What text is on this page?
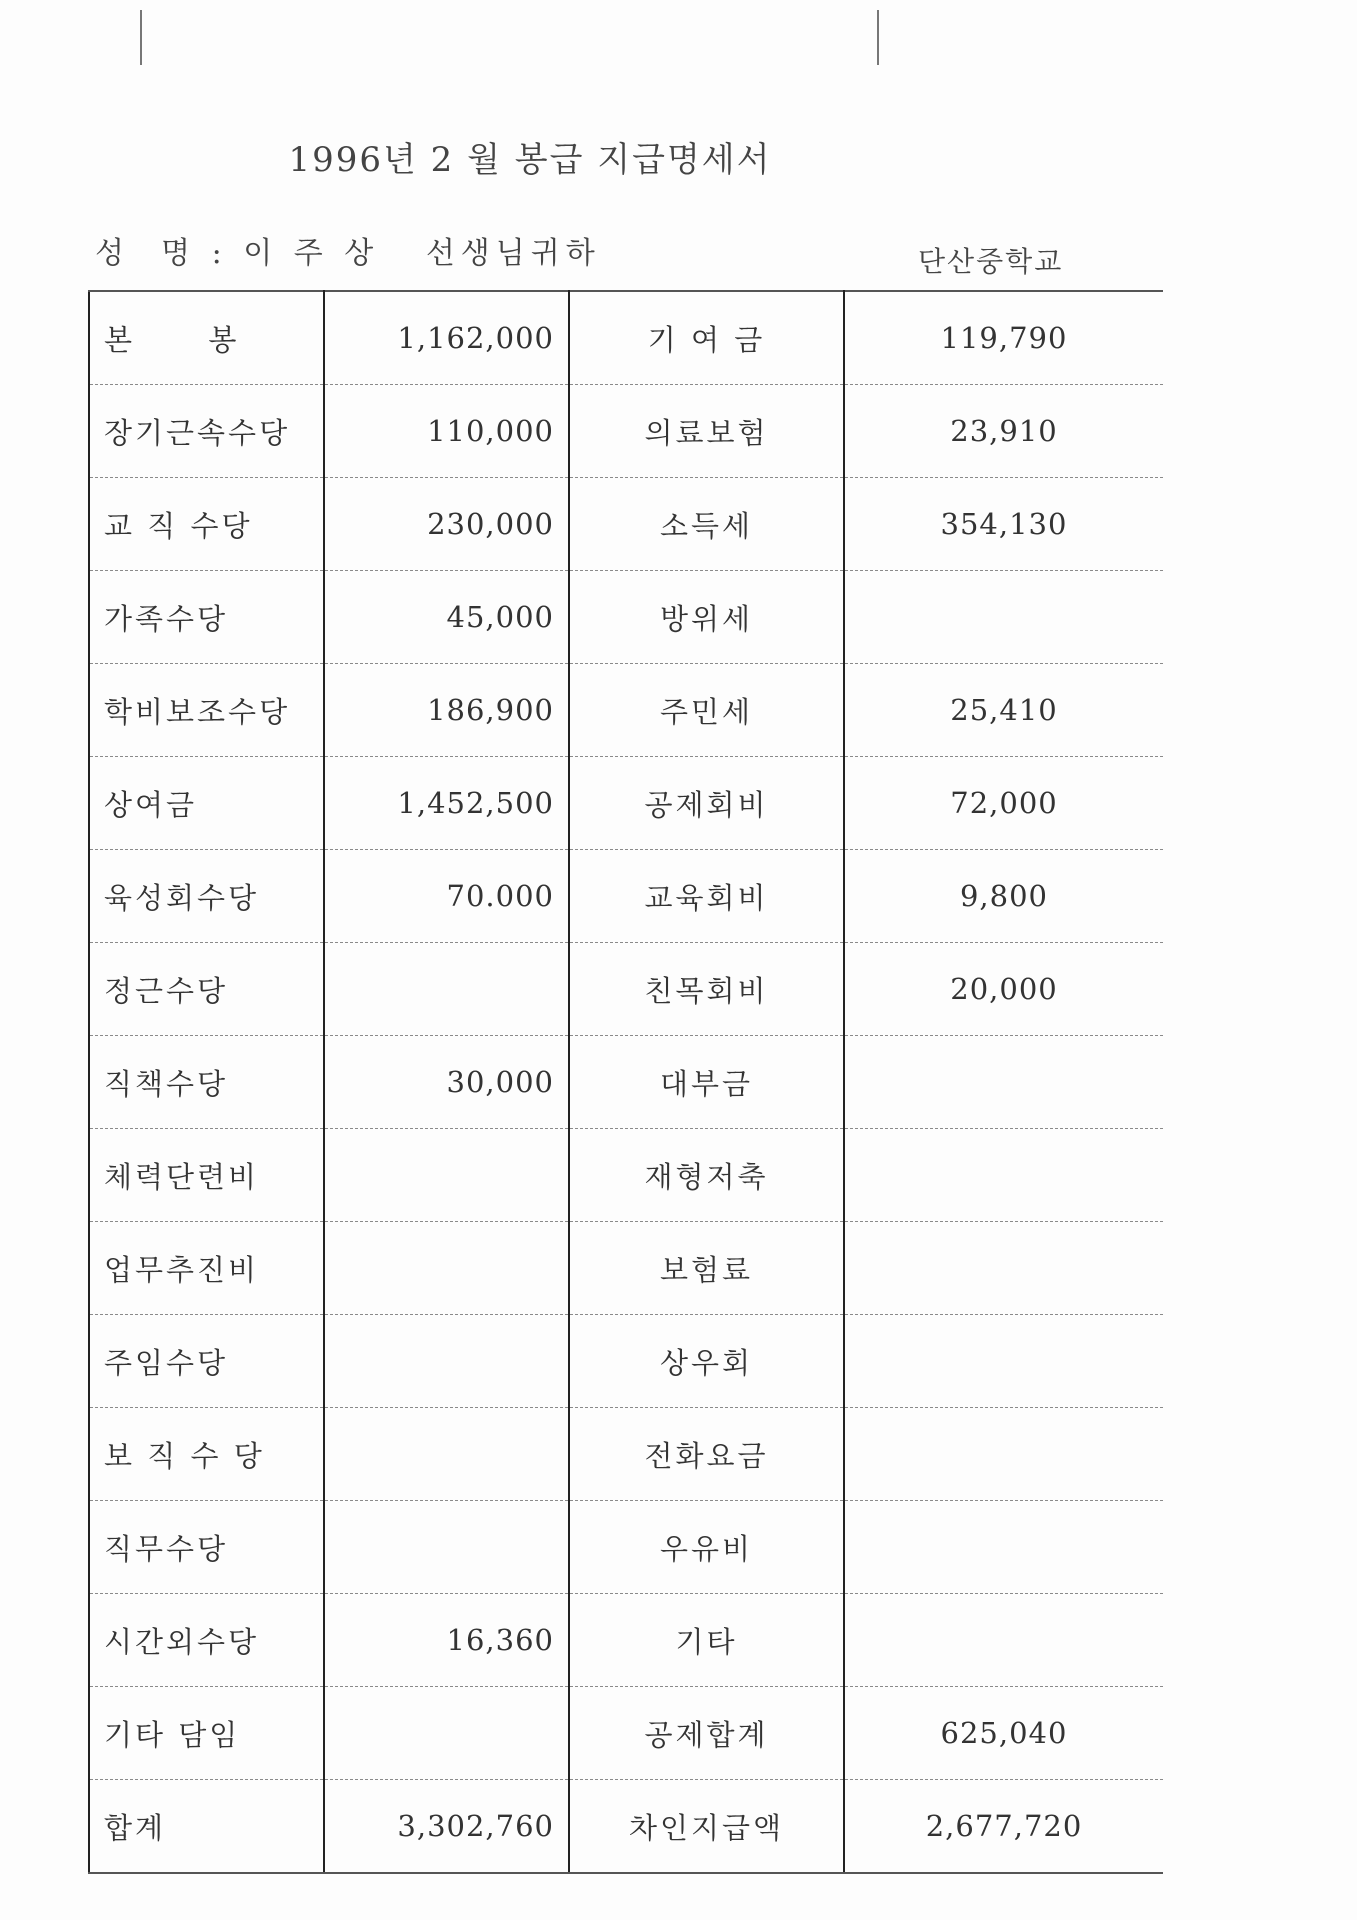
1996년 2 월 봉급 지급명세서
성  명 : 이 주 상   선생님귀하	단산중학교
본      봉	1,162,000	기 여 금	119,790
장기근속수당	110,000	의료보험	23,910
교 직 수당	230,000	소득세	354,130
가족수당	45,000	방위세	
학비보조수당	186,900	주민세	25,410
상여금	1,452,500	공제회비	72,000
육성회수당	70.000	교육회비	9,800
정근수당		친목회비	20,000
직책수당	30,000	대부금	
체력단련비		재형저축	
업무추진비		보험료	
주임수당		상우회	
보 직 수 당		전화요금	
직무수당		우유비	
시간외수당	16,360	기타	
기타 담임		공제합계	625,040
합계	3,302,760	차인지급액	2,677,720
